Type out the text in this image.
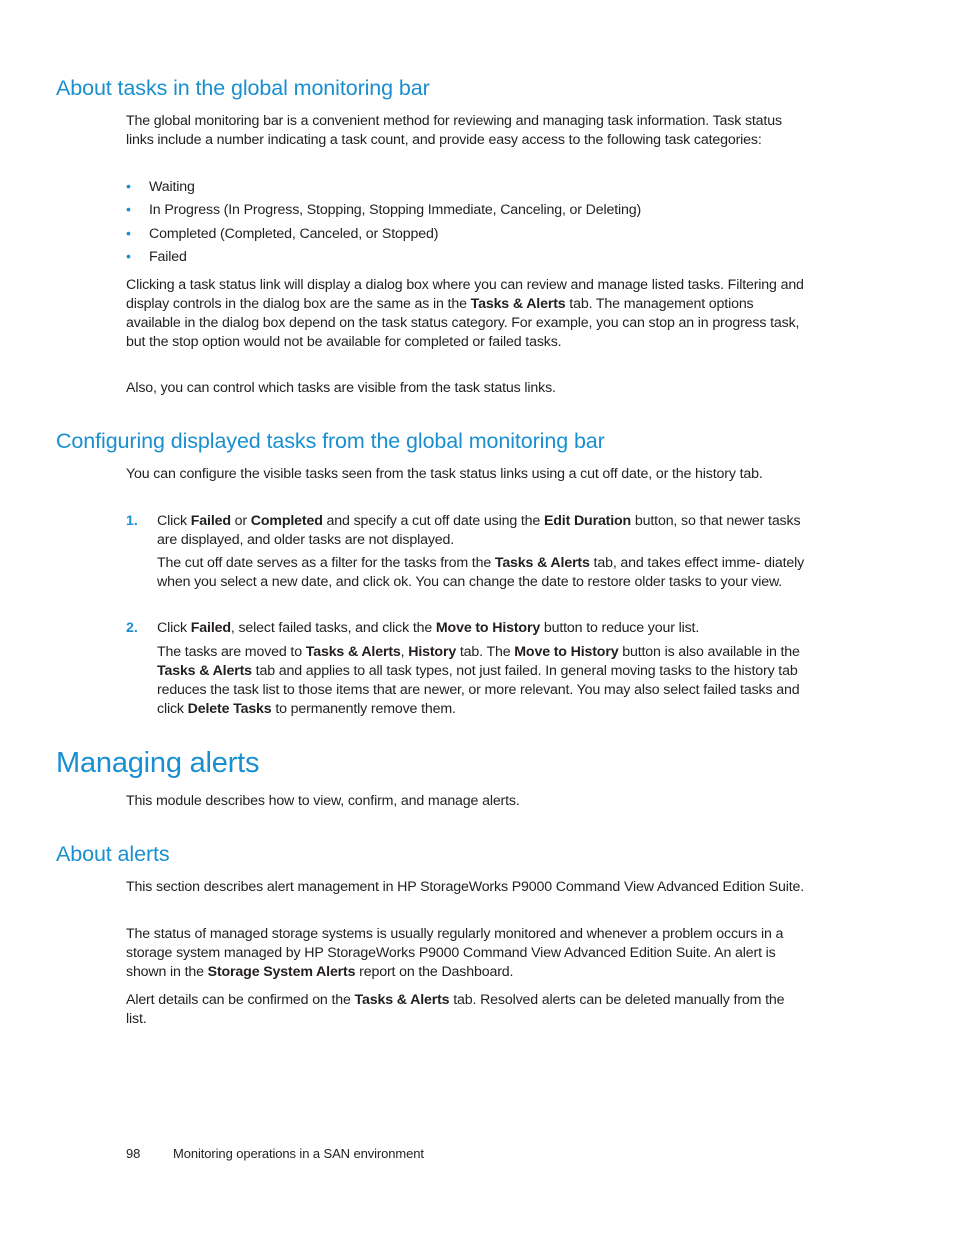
About tasks in the global monitoring bar

The global monitoring bar is a convenient method for reviewing and managing task information. Task status links include a number indicating a task count, and provide easy access to the following task categories:

• Waiting
• In Progress (In Progress, Stopping, Stopping Immediate, Canceling, or Deleting)
• Completed (Completed, Canceled, or Stopped)
• Failed

Clicking a task status link will display a dialog box where you can review and manage listed tasks. Filtering and display controls in the dialog box are the same as in the Tasks & Alerts tab. The management options available in the dialog box depend on the task status category. For example, you can stop an in progress task, but the stop option would not be available for completed or failed tasks.

Also, you can control which tasks are visible from the task status links.

Configuring displayed tasks from the global monitoring bar

You can configure the visible tasks seen from the task status links using a cut off date, or the history tab.

1. Click Failed or Completed and specify a cut off date using the Edit Duration button, so that newer tasks are displayed, and older tasks are not displayed.

The cut off date serves as a filter for the tasks from the Tasks & Alerts tab, and takes effect imme- diately when you select a new date, and click ok. You can change the date to restore older tasks to your view.

2. Click Failed, select failed tasks, and click the Move to History button to reduce your list.

The tasks are moved to Tasks & Alerts, History tab. The Move to History button is also available in the Tasks & Alerts tab and applies to all task types, not just failed. In general moving tasks to the history tab reduces the task list to those items that are newer, or more relevant. You may also select failed tasks and click Delete Tasks to permanently remove them.

Managing alerts

This module describes how to view, confirm, and manage alerts.

About alerts

This section describes alert management in HP StorageWorks P9000 Command View Advanced Edition Suite.

The status of managed storage systems is usually regularly monitored and whenever a problem occurs in a storage system managed by HP StorageWorks P9000 Command View Advanced Edition Suite. An alert is shown in the Storage System Alerts report on the Dashboard.

Alert details can be confirmed on the Tasks & Alerts tab. Resolved alerts can be deleted manually from the list.

98	Monitoring operations in a SAN environment
